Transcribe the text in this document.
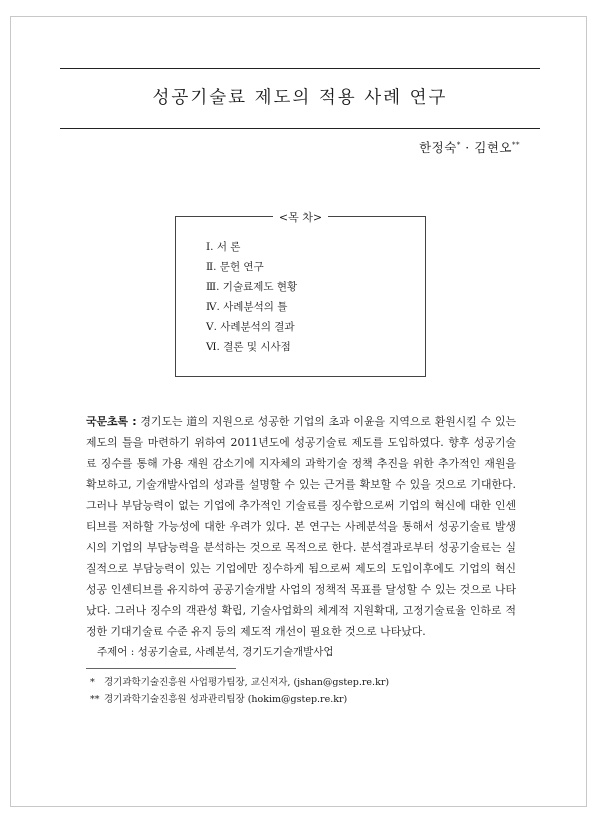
성공기술료 제도의 적용 사례 연구
한정숙* · 김현오**
<목 차>
Ⅰ. 서 론
Ⅱ. 문헌 연구
Ⅲ. 기술료제도 현황
Ⅳ. 사례분석의 틀
Ⅴ. 사례분석의 결과
Ⅵ. 결론 및 시사점

국문초록 : 경기도는 道의 지원으로 성공한 기업의 초과 이윤을 지역으로 환원시킬 수 있는 제도의 틀을 마련하기 위하여 2011년도에 성공기술료 제도를 도입하였다. 향후 성공기술료 징수를 통해 가용 재원 감소기에 지자체의 과학기술 정책 추진을 위한 추가적인 재원을 확보하고, 기술개발사업의 성과를 설명할 수 있는 근거를 확보할 수 있을 것으로 기대한다. 그러나 부담능력이 없는 기업에 추가적인 기술료를 징수함으로써 기업의 혁신에 대한 인센티브를 저하할 가능성에 대한 우려가 있다. 본 연구는 사례분석을 통해서 성공기술료 발생 시의 기업의 부담능력을 분석하는 것으로 목적으로 한다. 분석결과로부터 성공기술료는 실질적으로 부담능력이 있는 기업에만 징수하게 됨으로써 제도의 도입이후에도 기업의 혁신 성공 인센티브를 유지하여 공공기술개발 사업의 정책적 목표를 달성할 수 있는 것으로 나타났다. 그러나 징수의 객관성 확립, 기술사업화의 체계적 지원확대, 고정기술료율 인하로 적정한 기대기술료 수준 유지 등의 제도적 개선이 필요한 것으로 나타났다.

주제어 : 성공기술료, 사례분석, 경기도기술개발사업
* 경기과학기술진흥원 사업평가팀장, 교신저자, (jshan@gstep.re.kr)
** 경기과학기술진흥원 성과관리팀장 (hokim@gstep.re.kr)
